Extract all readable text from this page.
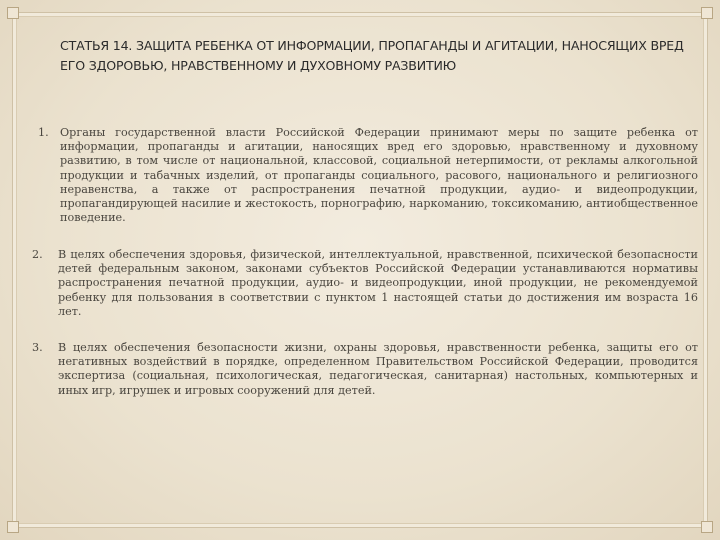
СТАТЬЯ 14. ЗАЩИТА РЕБЕНКА ОТ ИНФОРМАЦИИ, ПРОПАГАНДЫ И АГИТАЦИИ, НАНОСЯЩИХ ВРЕД ЕГО ЗДОРОВЬЮ, НРАВСТВЕННОМУ И ДУХОВНОМУ РАЗВИТИЮ
1.	Органы государственной власти Российской Федерации принимают меры по защите ребенка от информации, пропаганды и агитации, наносящих вред его здоровью, нравственному и духовному развитию, в том числе от национальной, классовой, социальной нетерпимости, от рекламы алкогольной продукции и табачных изделий, от пропаганды социального, расового, национального и религиозного неравенства, а также от распространения печатной продукции, аудио- и видеопродукции, пропагандирующей насилие и жестокость, порнографию, наркоманию, токсикоманию, антиобщественное поведение.
2.	В целях обеспечения здоровья, физической, интеллектуальной, нравственной, психической безопасности детей федеральным законом, законами субъектов Российской Федерации устанавливаются нормативы распространения печатной продукции, аудио- и видеопродукции, иной продукции, не рекомендуемой ребенку для пользования в соответствии с пунктом 1 настоящей статьи до достижения им возраста 16 лет.
3.	В целях обеспечения безопасности жизни, охраны здоровья, нравственности ребенка, защиты его от негативных воздействий в порядке, определенном Правительством Российской Федерации, проводится экспертиза (социальная, психологическая, педагогическая, санитарная) настольных, компьютерных и иных игр, игрушек и игровых сооружений для детей.
